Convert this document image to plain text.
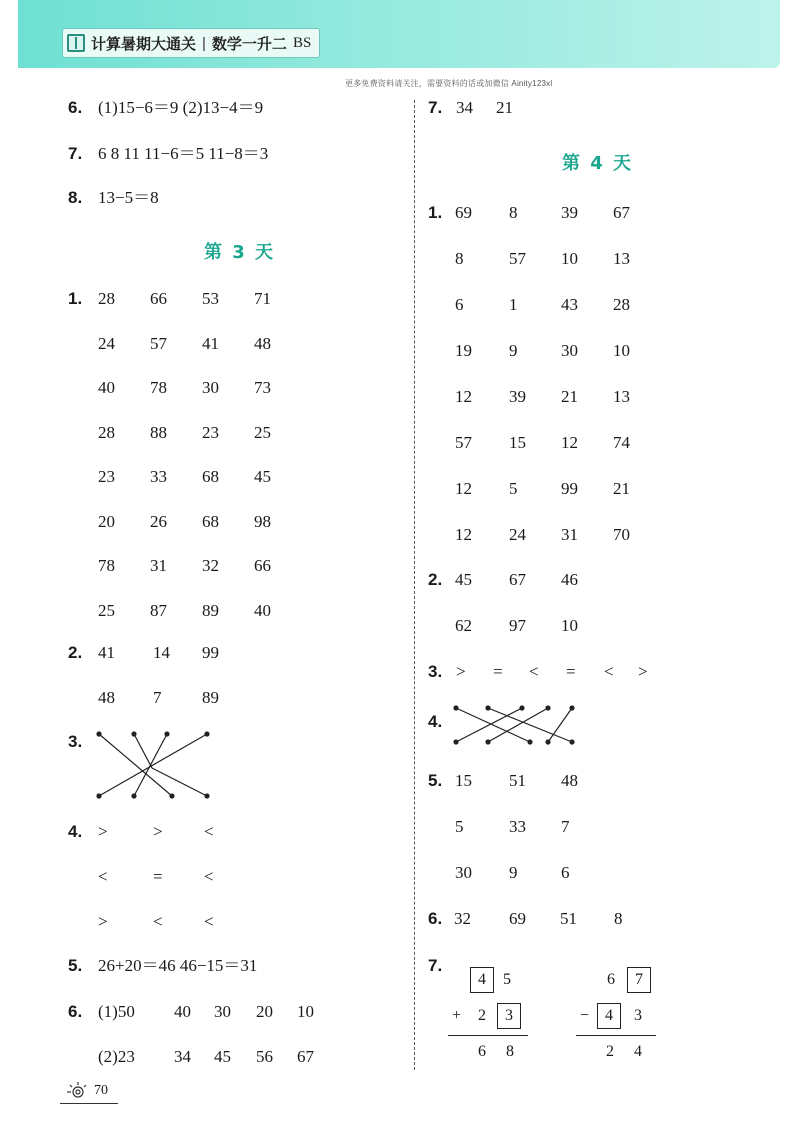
计算暑期大通关 | 数学一升二 BS
更多免费资料请关注，需要资料的话或加微信 Ainity123xl
6. (1)15−6＝9 (2)13−4＝9
7. 6 8 11 11−6＝5 11−8＝3
8. 13−5＝8
第 3 天
1. 28 66 53 71
24 57 41 48
40 78 30 73
28 88 23 25
23 33 68 45
20 26 68 98
78 31 32 66
25 87 89 40
2. 41 14 99
48 7 89
3.
4. >	> <
<	= <
>	< <
5. 26+20＝46 46−15＝31
6. (1)50 40 30 20 10
(2)23 34 45 56 67
7. 34 21
第 4 天
1. 69 8	39 67
8	57 10 13
6	1	43 28
19 9	30 10
12 39 21 13
57 15 12 74
12 5	99 21
12 24 31 70
2. 45 67 46
62 97 10
3. > = < = < >
4.
5. 15 51 48
5	33 7
30 9	6
6. 32 69 51 8
7.
4	5
+ 2	3
6 8
6	7
− 4	3
2 4
70
